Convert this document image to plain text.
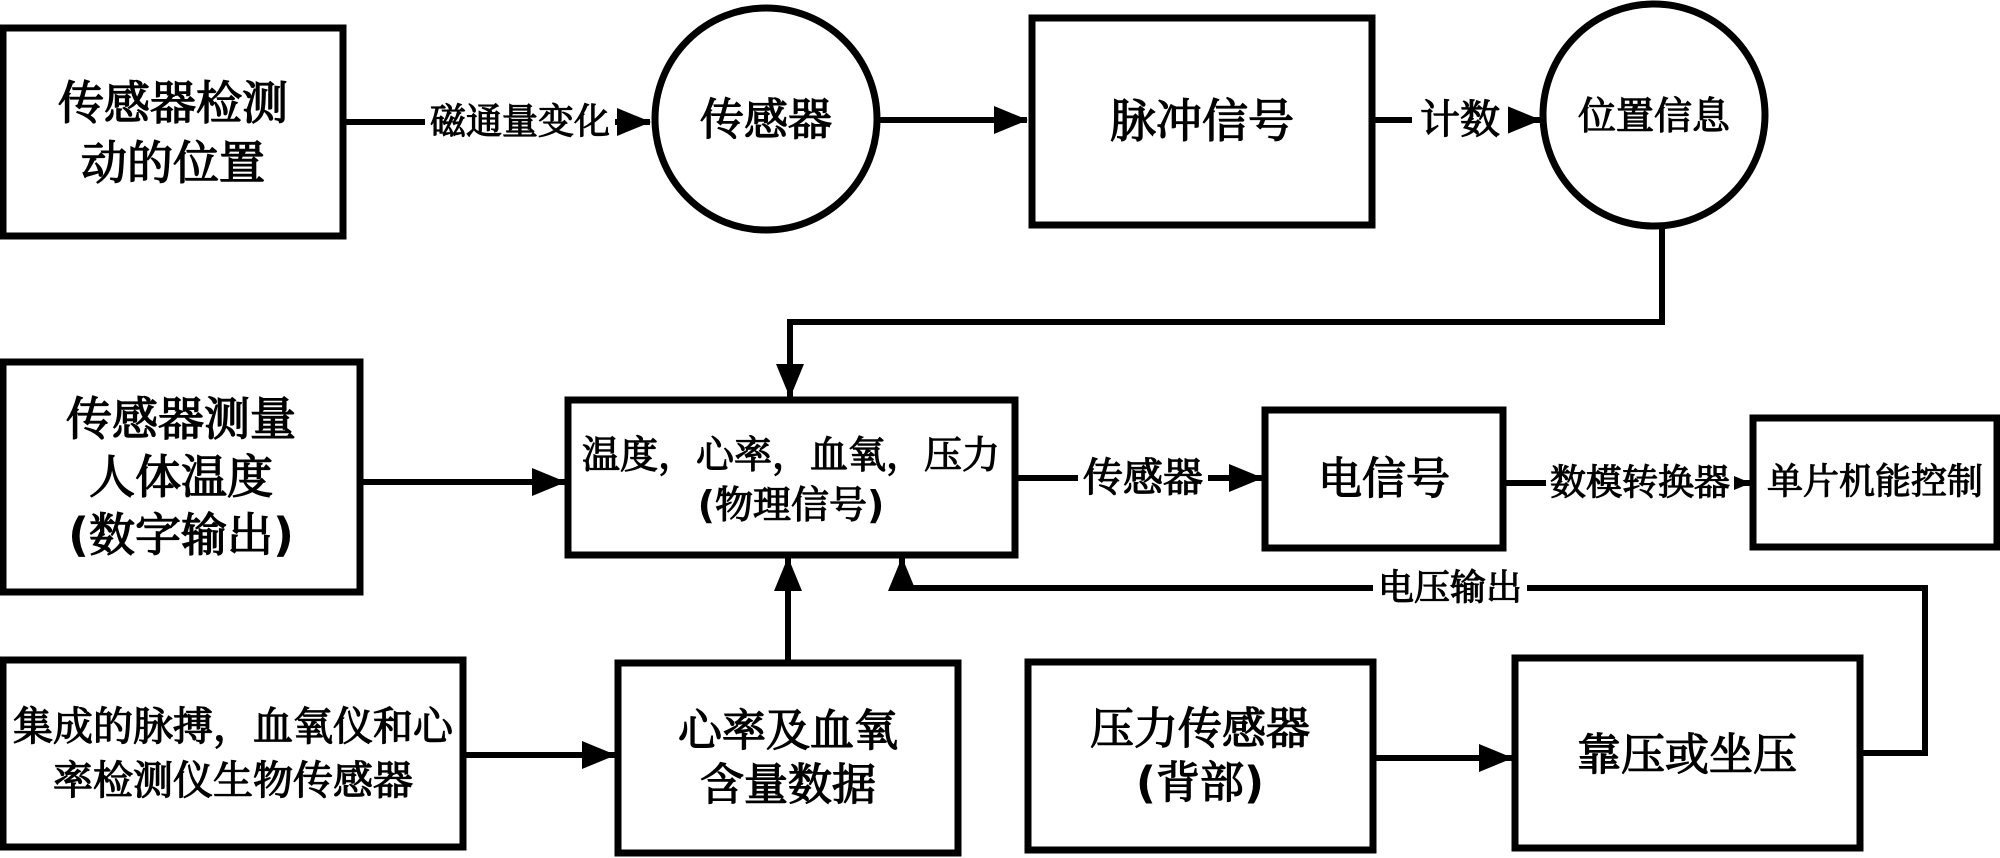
磁通量变化	计数
传感器	数模转换器
电压输出
传感器检测
动的位置
传感器	脉冲信号	位置信息
温度，心率，血氧，压力
(物理信号)
传感器测量
人体温度
(数字输出)
电信号	单片机能控制
集成的脉搏，血氧仪和心
率检测仪生物传感器
心率及血氧
含量数据
压力传感器
(背部)
靠压或坐压
